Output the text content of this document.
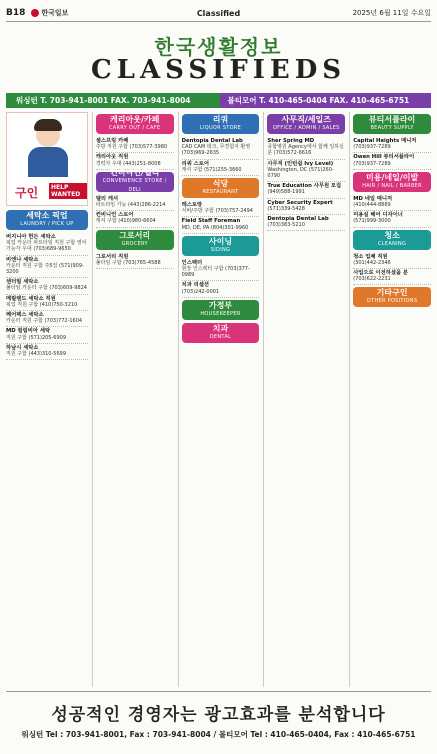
B18 한국일보	Classified	2025년 6월 11일 수요일
한국생활정보
CLASSIFIEDS
워싱턴 T. 703-941-8001 FAX. 703-941-8004	볼티모어 T. 410-465-0404 FAX. 410-465-6751
구인	HELP WANTED
세탁소 픽업
LAUNDRY / PICK UP
버지니아 헌든 세탁소
픽업 카운터 파트타임 직원 구함 영어 가능자 우대 (703)689-9650
비엔나 세탁소
카운터 직원 구함 주5일 (571)909-3200
센터빌 세탁소
풀타임 카운터 구함 (703)609-9824
메릴랜드 세탁소 직원
픽업 직원 구함 (410)750-3210
페어팩스 세탁소
카운터 직원 구함 (703)772-1604
MD 컬럼비아 세탁
직원 구함 (571)205-6909
하남시 세탁소
직원 구함 (443)310-5699
케리아웃/카페
CARRY OUT / CAFE
셀스프링 카페
주방 직원 구함 (703)577-3980
캐리아웃 직원
경력자 우대 (443)251-8008
컨비니언/델리
CONVENIENCE STORE / DELI
델리 캐셔
파트타임 가능 (443)286-2214
컨비니언 스토어
캐셔 구함 (410)980-6604
그로서리
GROCERY
그로서리 직원
풀타임 구함 (703)765-4588
리쿼
LIQUOR STORE
Dentopia Dental Lab
CAD CAM 테크, 무경험자 환영 (703)969-2635
리쿼 스토어
캐셔 구함 (571)255-3660
식당
RESTAURANT
레스토랑
서버/주방 구함 (703)757-2494
Field Staff Foreman
MD, DE, PA (804)301-9960
사이닝
SIDING
인스펙터
현장 인스펙터 구함 (703)377-0989
치과 리셉션
(703)242-0001
가정부
HOUSEKEEPER
치과
DENTAL
사무직/세일즈
OFFICE / ADMIN / SALES
Sher Spring MD
종합병원 Agency에서 함께 일하실 분 (703)572-6616
사무직 (인턴쉽 Ivy Level)
Washington, DC (571)260-0790
True Education 사무원 모집
(949)588-1991
Cyber Security Expert
(571)339-5428
Dentopia Dental Lab
(703)383-5210
뷰티서플라이
BEAUTY SUPPLY
Capital Heights 매니저
(703)937-7289
Owen Hill 뷰티서플라이
(703)937-7289
미용/네일/이발
HAIR / NAIL / BARBER
MD 네일 매니저
(410)444-8889
미용실 헤어 디자이너
(571)999-3000
청소
CLEANING
청소 업체 직원
(301)442-2346
사업으로 이전하셨을 분
(703)622-2231
기타구인
OTHER POSITIONS
성공적인 경영자는 광고효과를 분석합니다
워싱턴 Tel : 703-941-8001, Fax : 703-941-8004 / 볼티모어 Tel : 410-465-0404, Fax : 410-465-6751
